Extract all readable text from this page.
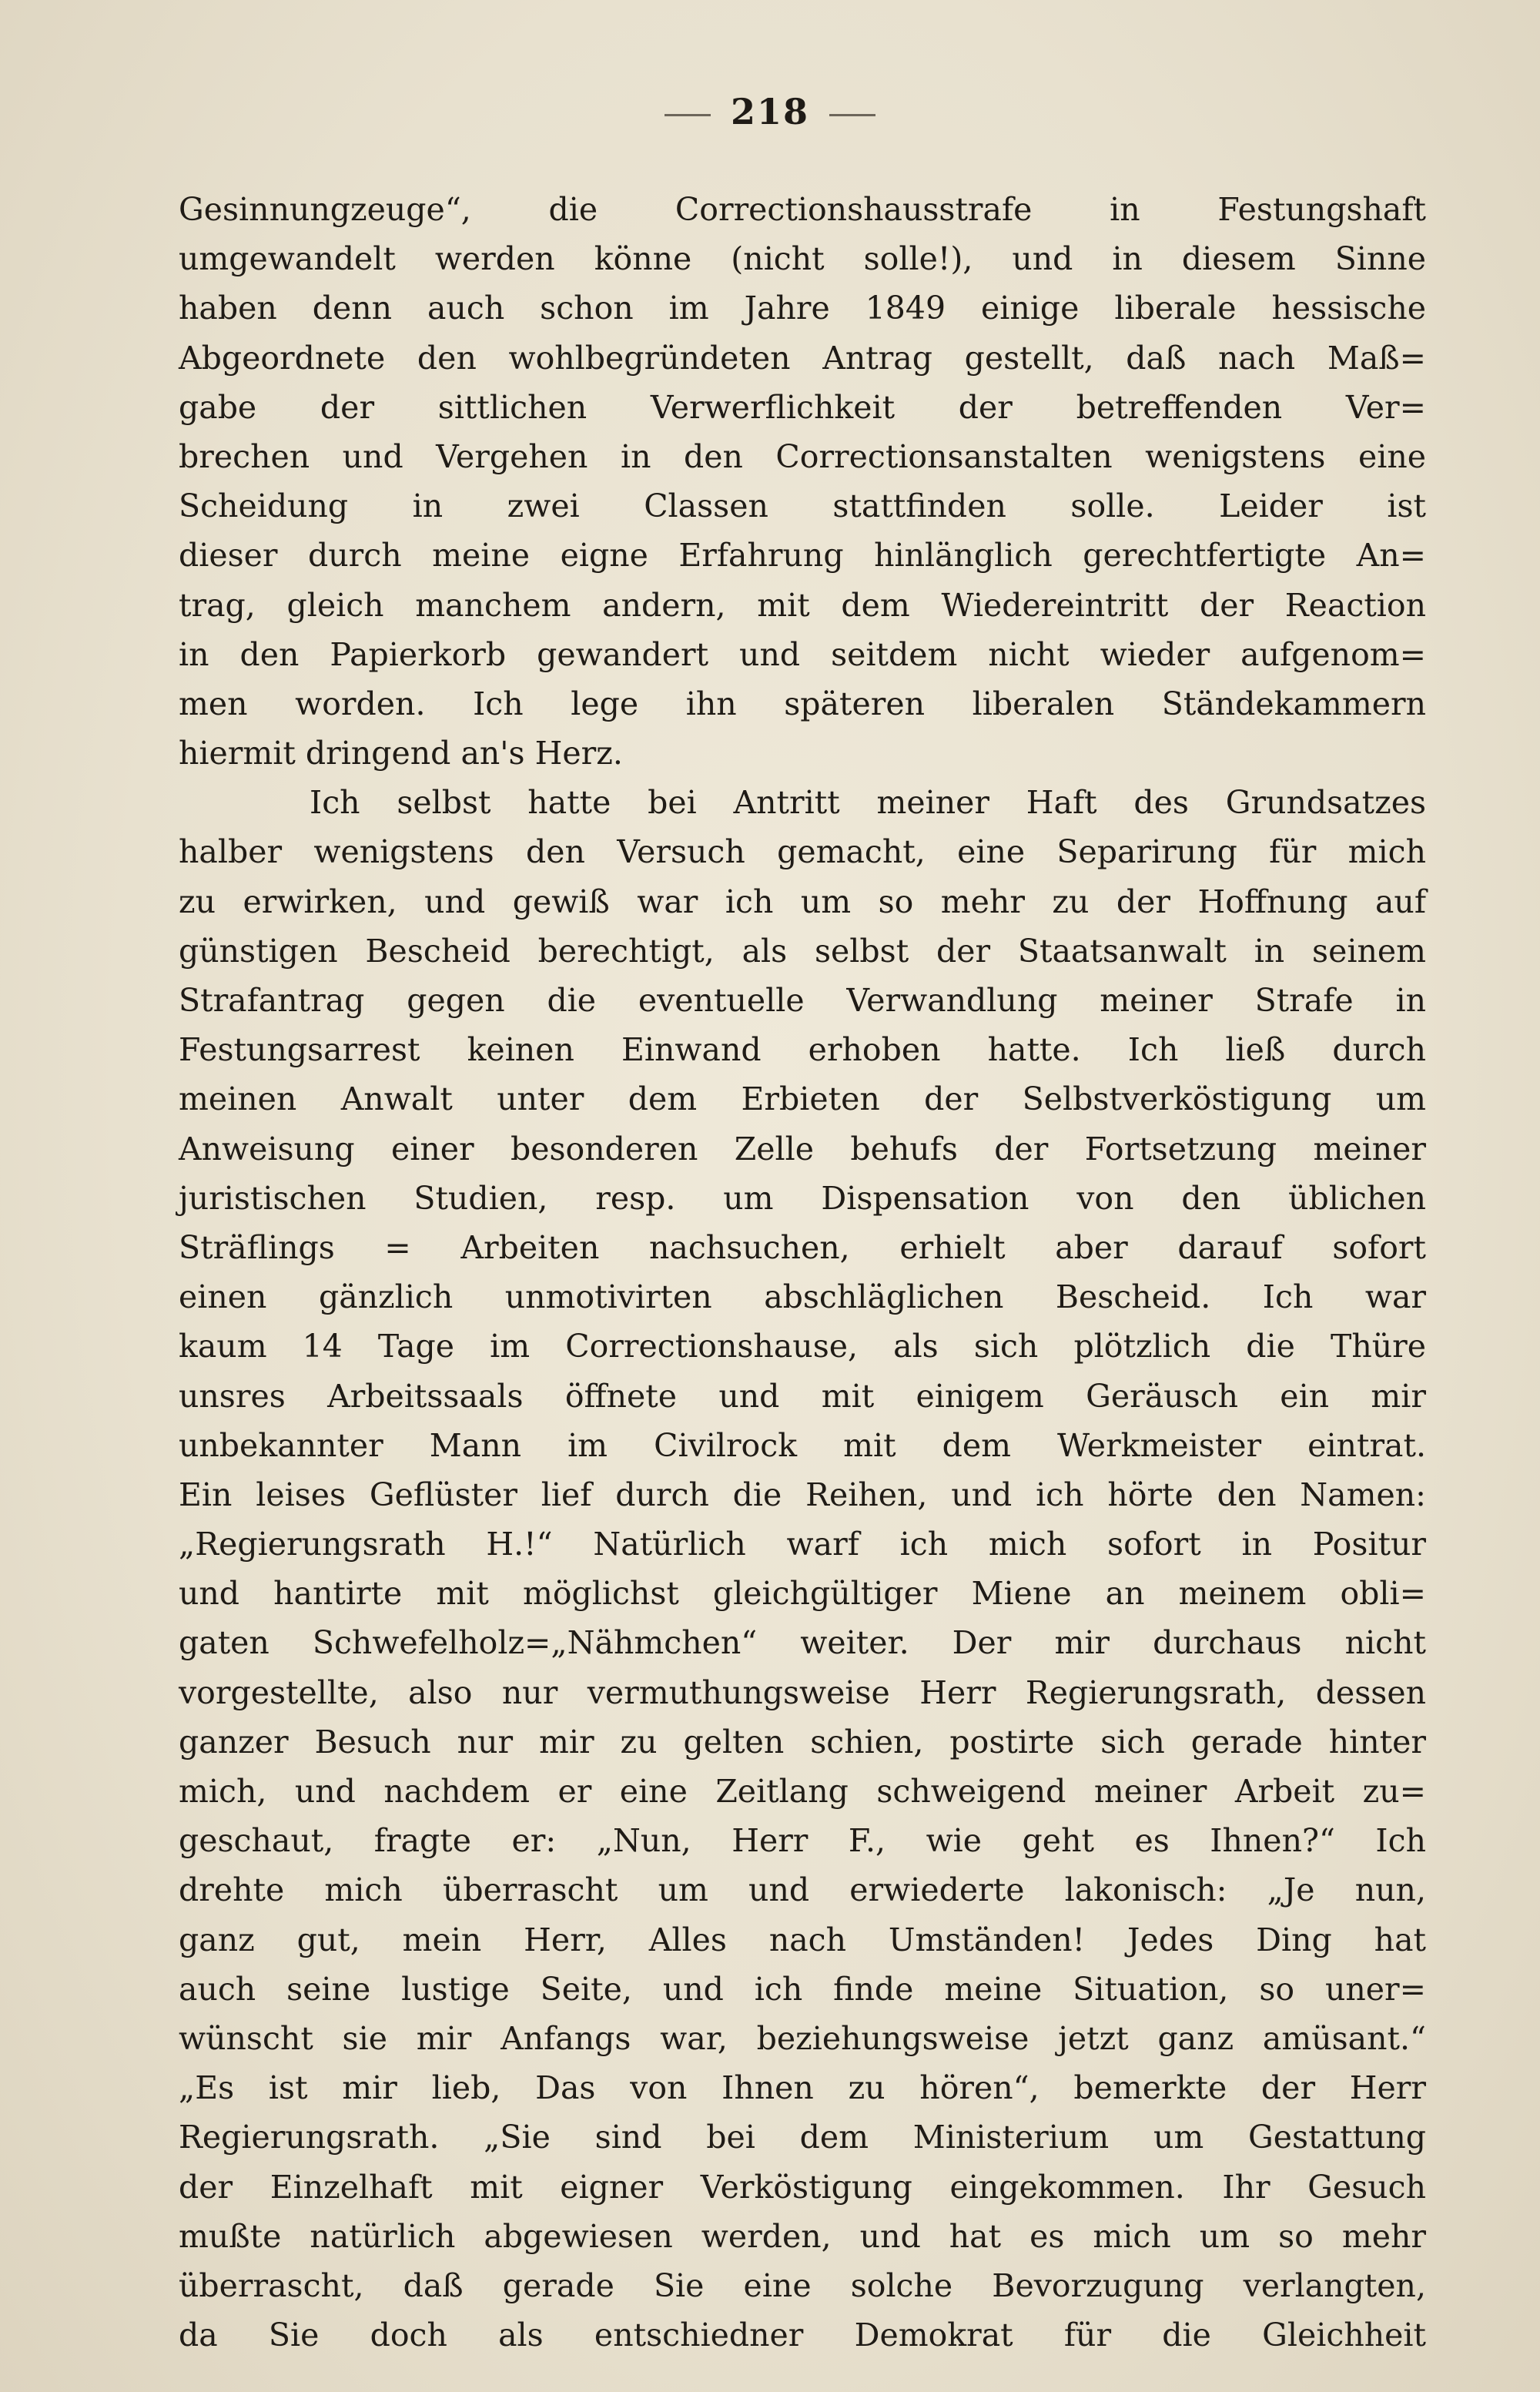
218
Gesinnungzeuge“, die Correctionshausstrafe in Festungshaft
umgewandelt werden könne (nicht solle!), und in diesem Sinne
haben denn auch schon im Jahre 1849 einige liberale hessische
Abgeordnete den wohlbegründeten Antrag gestellt, daß nach Maß=
gabe der sittlichen Verwerflichkeit der betreffenden Ver=
brechen und Vergehen in den Correctionsanstalten wenigstens eine
Scheidung in zwei Classen stattfinden solle. Leider ist
dieser durch meine eigne Erfahrung hinlänglich gerechtfertigte An=
trag, gleich manchem andern, mit dem Wiedereintritt der Reaction
in den Papierkorb gewandert und seitdem nicht wieder aufgenom=
men worden. Ich lege ihn späteren liberalen Ständekammern
hiermit dringend an's Herz.
Ich selbst hatte bei Antritt meiner Haft des Grundsatzes
halber wenigstens den Versuch gemacht, eine Separirung für mich
zu erwirken, und gewiß war ich um so mehr zu der Hoffnung auf
günstigen Bescheid berechtigt, als selbst der Staatsanwalt in seinem
Strafantrag gegen die eventuelle Verwandlung meiner Strafe in
Festungsarrest keinen Einwand erhoben hatte. Ich ließ durch
meinen Anwalt unter dem Erbieten der Selbstverköstigung um
Anweisung einer besonderen Zelle behufs der Fortsetzung meiner
juristischen Studien, resp. um Dispensation von den üblichen
Sträflings = Arbeiten nachsuchen, erhielt aber darauf sofort
einen gänzlich unmotivirten abschläglichen Bescheid. Ich war
kaum 14 Tage im Correctionshause, als sich plötzlich die Thüre
unsres Arbeitssaals öffnete und mit einigem Geräusch ein mir
unbekannter Mann im Civilrock mit dem Werkmeister eintrat.
Ein leises Geflüster lief durch die Reihen, und ich hörte den Namen:
„Regierungsrath H.!“ Natürlich warf ich mich sofort in Positur
und hantirte mit möglichst gleichgültiger Miene an meinem obli=
gaten Schwefelholz=„Nähmchen“ weiter. Der mir durchaus nicht
vorgestellte, also nur vermuthungsweise Herr Regierungsrath, dessen
ganzer Besuch nur mir zu gelten schien, postirte sich gerade hinter
mich, und nachdem er eine Zeitlang schweigend meiner Arbeit zu=
geschaut, fragte er: „Nun, Herr F., wie geht es Ihnen?“ Ich
drehte mich überrascht um und erwiederte lakonisch: „Je nun,
ganz gut, mein Herr, Alles nach Umständen! Jedes Ding hat
auch seine lustige Seite, und ich finde meine Situation, so uner=
wünscht sie mir Anfangs war, beziehungsweise jetzt ganz amüsant.“
„Es ist mir lieb, Das von Ihnen zu hören“, bemerkte der Herr
Regierungsrath. „Sie sind bei dem Ministerium um Gestattung
der Einzelhaft mit eigner Verköstigung eingekommen. Ihr Gesuch
mußte natürlich abgewiesen werden, und hat es mich um so mehr
überrascht, daß gerade Sie eine solche Bevorzugung verlangten,
da Sie doch als entschiedner Demokrat für die Gleichheit
